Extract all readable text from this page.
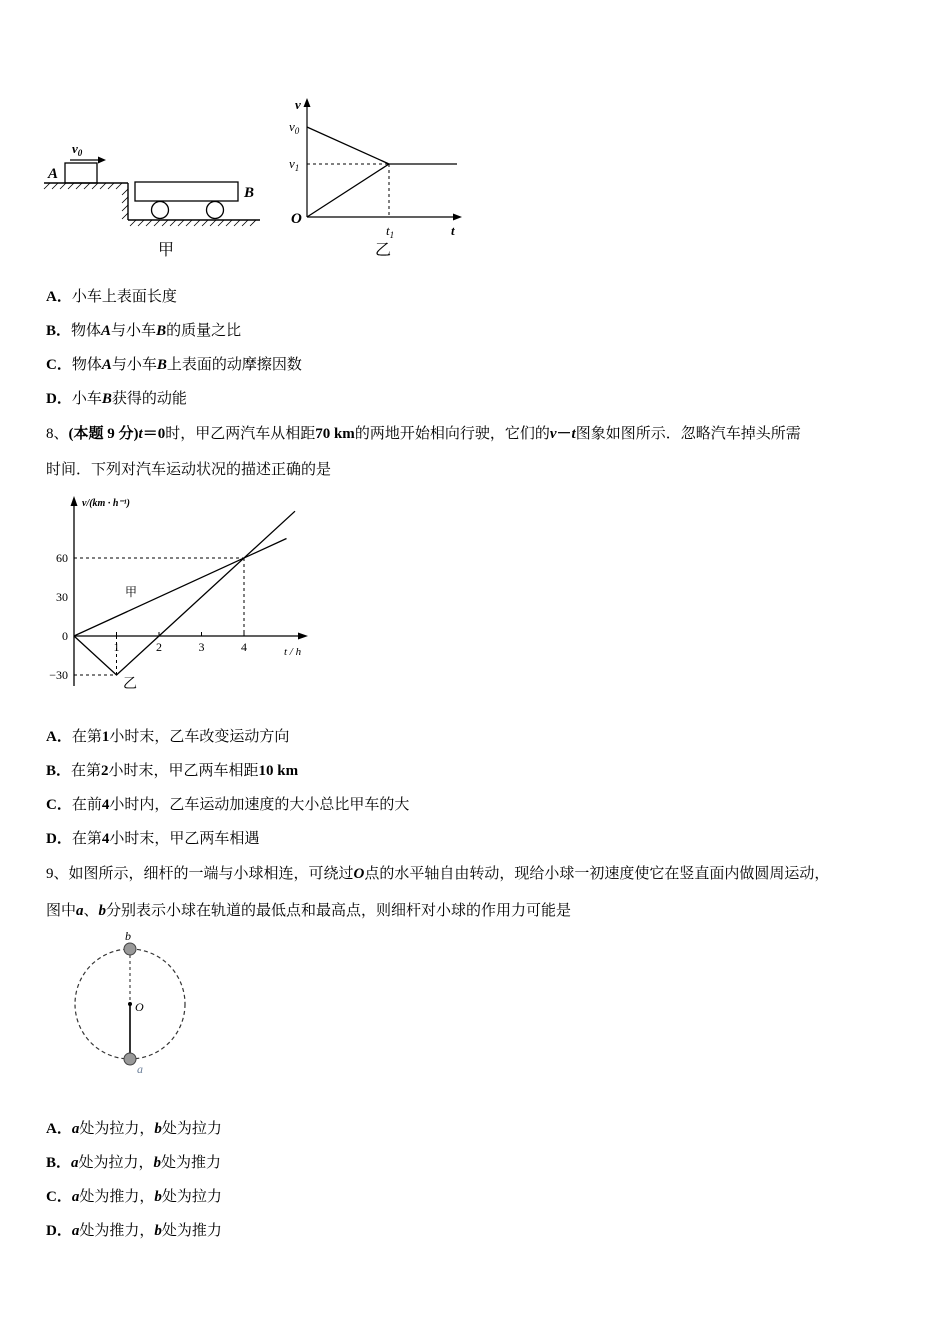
$v_0$
A
B
甲
v
$v_0$
$v_1$
O
$t_1$	t
乙
A．小车上表面长度
B．物体A与小车B的质量之比
C．物体A与小车B上表面的动摩擦因数
D．小车B获得的动能
8、(本题 9 分)t＝0时，甲乙两汽车从相距70 km的两地开始相向行驶，它们的v－t图象如图所示．忽略汽车掉头所需
时间．下列对汽车运动状况的描述正确的是
v/(km · h⁻¹)
t / h
60
30
0
−30
1	2	3	4
甲
乙
A．在第1小时末，乙车改变运动方向
B．在第2小时末，甲乙两车相距10 km
C．在前4小时内，乙车运动加速度的大小总比甲车的大
D．在第4小时末，甲乙两车相遇
9、如图所示，细杆的一端与小球相连，可绕过O点的水平轴自由转动，现给小球一初速度使它在竖直面内做圆周运动，
图中a、b分别表示小球在轨道的最低点和最高点，则细杆对小球的作用力可能是
b
O
a
A．a处为拉力，b处为拉力
B．a处为拉力，b处为推力
C．a处为推力，b处为拉力
D．a处为推力，b处为推力
